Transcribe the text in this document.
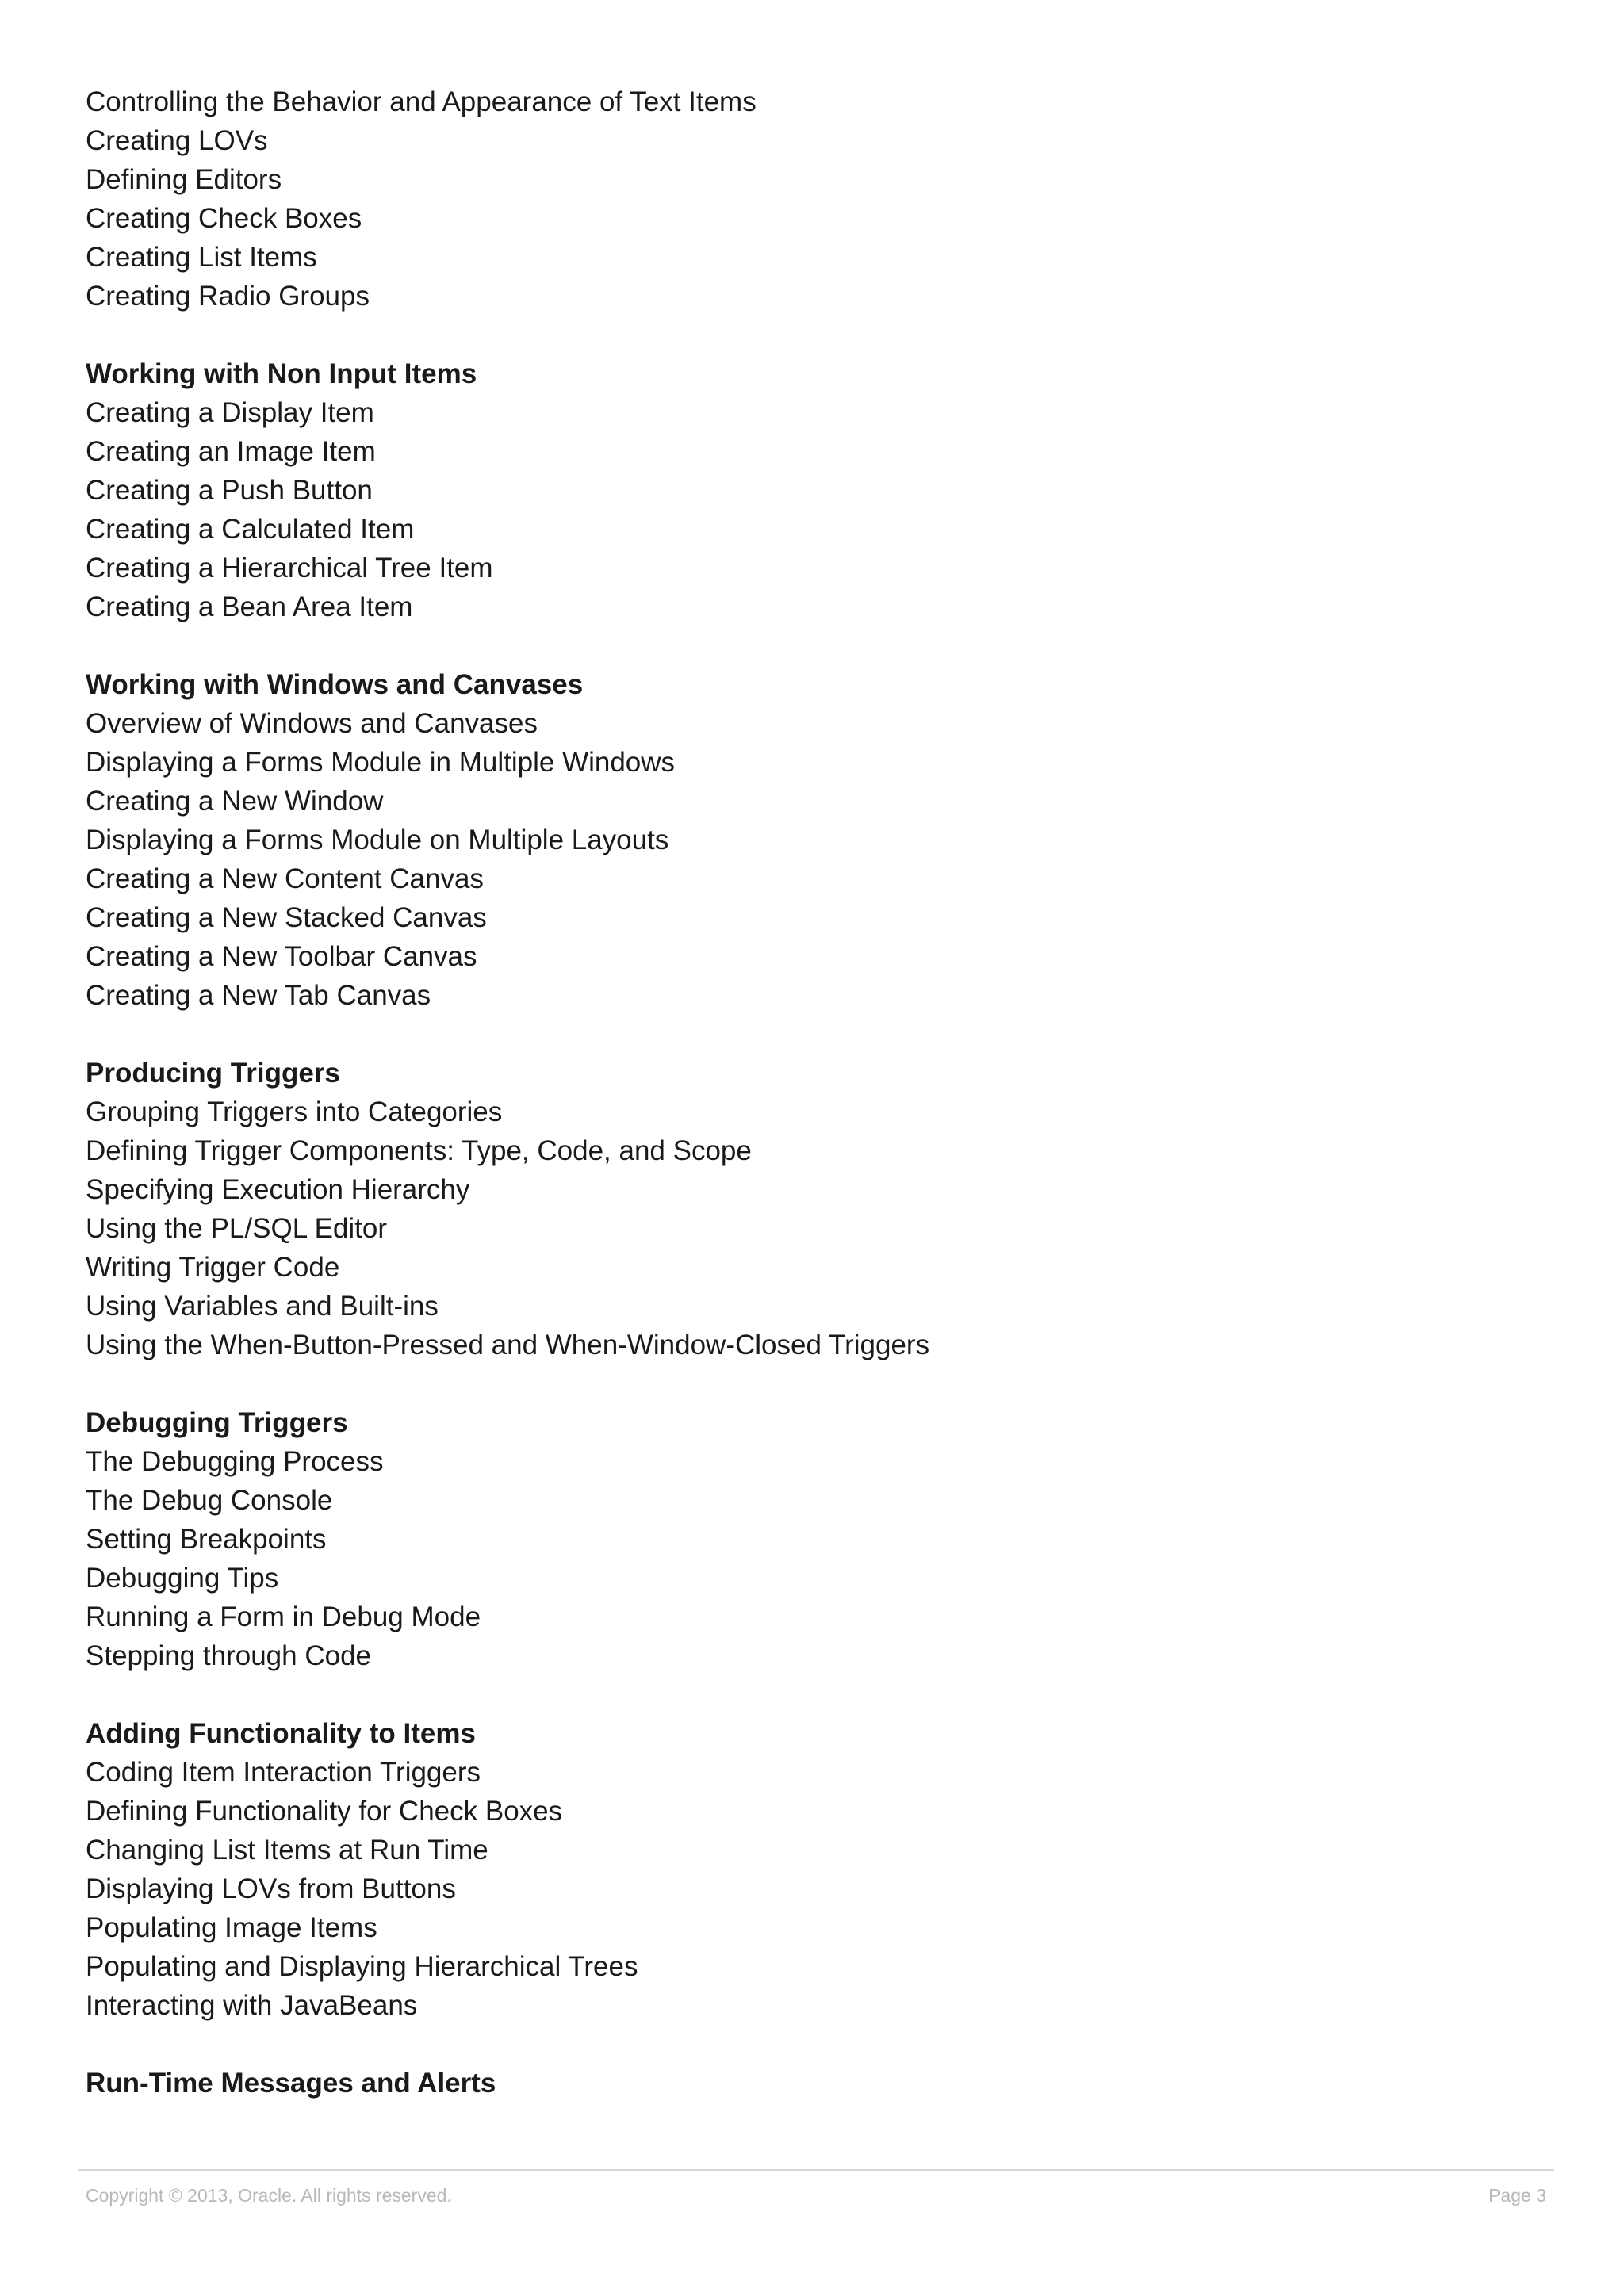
Controlling the Behavior and Appearance of Text Items
Creating LOVs
Defining Editors
Creating Check Boxes
Creating List Items
Creating Radio Groups
Working with Non Input Items
Creating a Display Item
Creating an Image Item
Creating a Push Button
Creating a Calculated Item
Creating a Hierarchical Tree Item
Creating a Bean Area Item
Working with Windows and Canvases
Overview of Windows and Canvases
Displaying a Forms Module in Multiple Windows
Creating a New Window
Displaying a Forms Module on Multiple Layouts
Creating a New Content Canvas
Creating a New Stacked Canvas
Creating a New Toolbar Canvas
Creating a New Tab Canvas
Producing Triggers
Grouping Triggers into Categories
Defining Trigger Components: Type, Code, and Scope
Specifying Execution Hierarchy
Using the PL/SQL Editor
Writing Trigger Code
Using Variables and Built-ins
Using the When-Button-Pressed and When-Window-Closed Triggers
Debugging Triggers
The Debugging Process
The Debug Console
Setting Breakpoints
Debugging Tips
Running a Form in Debug Mode
Stepping through Code
Adding Functionality to Items
Coding Item Interaction Triggers
Defining Functionality for Check Boxes
Changing List Items at Run Time
Displaying LOVs from Buttons
Populating Image Items
Populating and Displaying Hierarchical Trees
Interacting with JavaBeans
Run-Time Messages and Alerts
Copyright © 2013, Oracle. All rights reserved.	Page 3
